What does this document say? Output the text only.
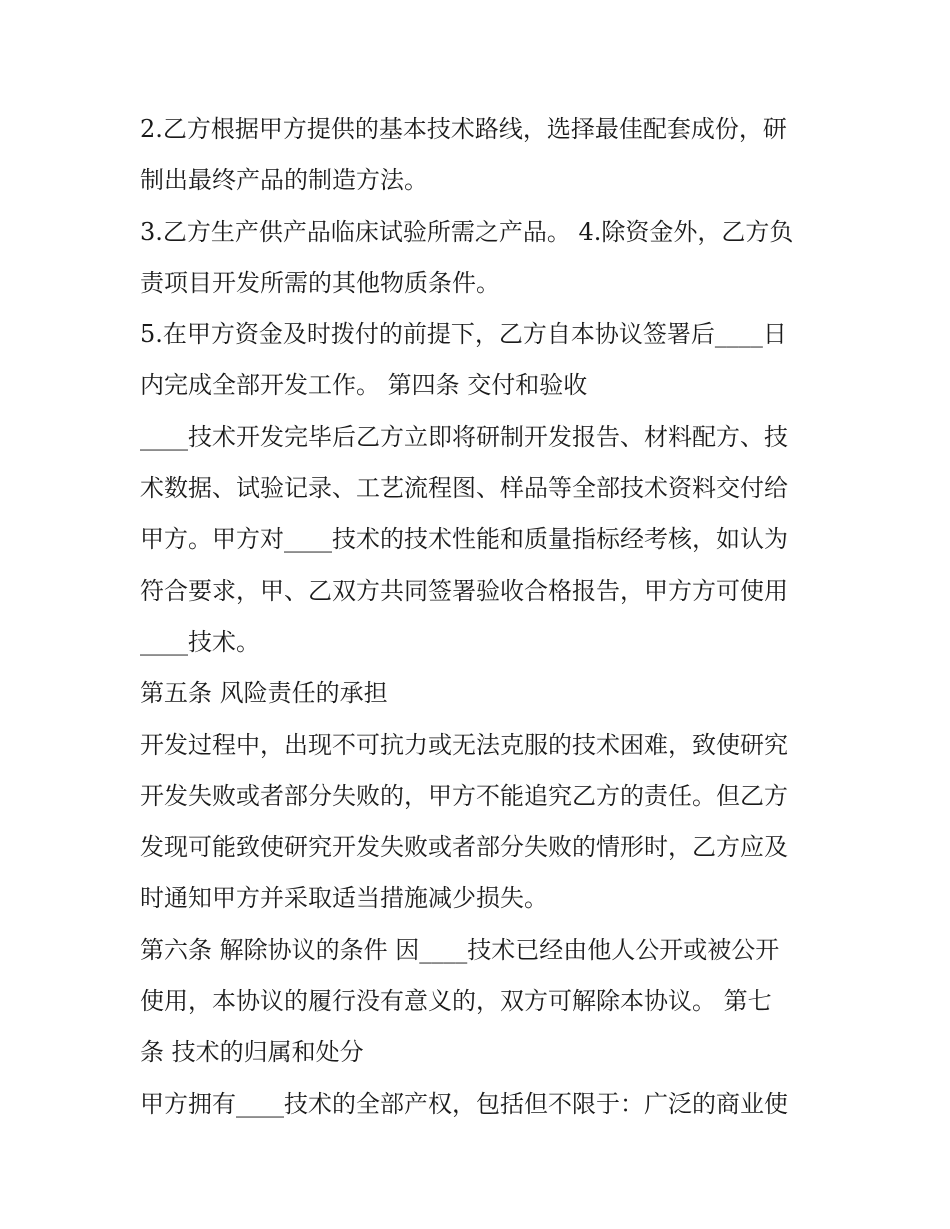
2.乙方根据甲方提供的基本技术路线，选择最佳配套成份，研
制出最终产品的制造方法。
3.乙方生产供产品临床试验所需之产品。 4.除资金外，乙方负
责项目开发所需的其他物质条件。
5.在甲方资金及时拨付的前提下，乙方自本协议签署后____日
内完成全部开发工作。 第四条 交付和验收
____技术开发完毕后乙方立即将研制开发报告、材料配方、技
术数据、试验记录、工艺流程图、样品等全部技术资料交付给
甲方。甲方对____技术的技术性能和质量指标经考核，如认为
符合要求，甲、乙双方共同签署验收合格报告，甲方方可使用
____技术。
第五条 风险责任的承担
开发过程中，出现不可抗力或无法克服的技术困难，致使研究
开发失败或者部分失败的，甲方不能追究乙方的责任。但乙方
发现可能致使研究开发失败或者部分失败的情形时，乙方应及
时通知甲方并采取适当措施减少损失。
第六条 解除协议的条件 因____技术已经由他人公开或被公开
使用，本协议的履行没有意义的，双方可解除本协议。 第七
条 技术的归属和处分
甲方拥有____技术的全部产权，包括但不限于：广泛的商业使
